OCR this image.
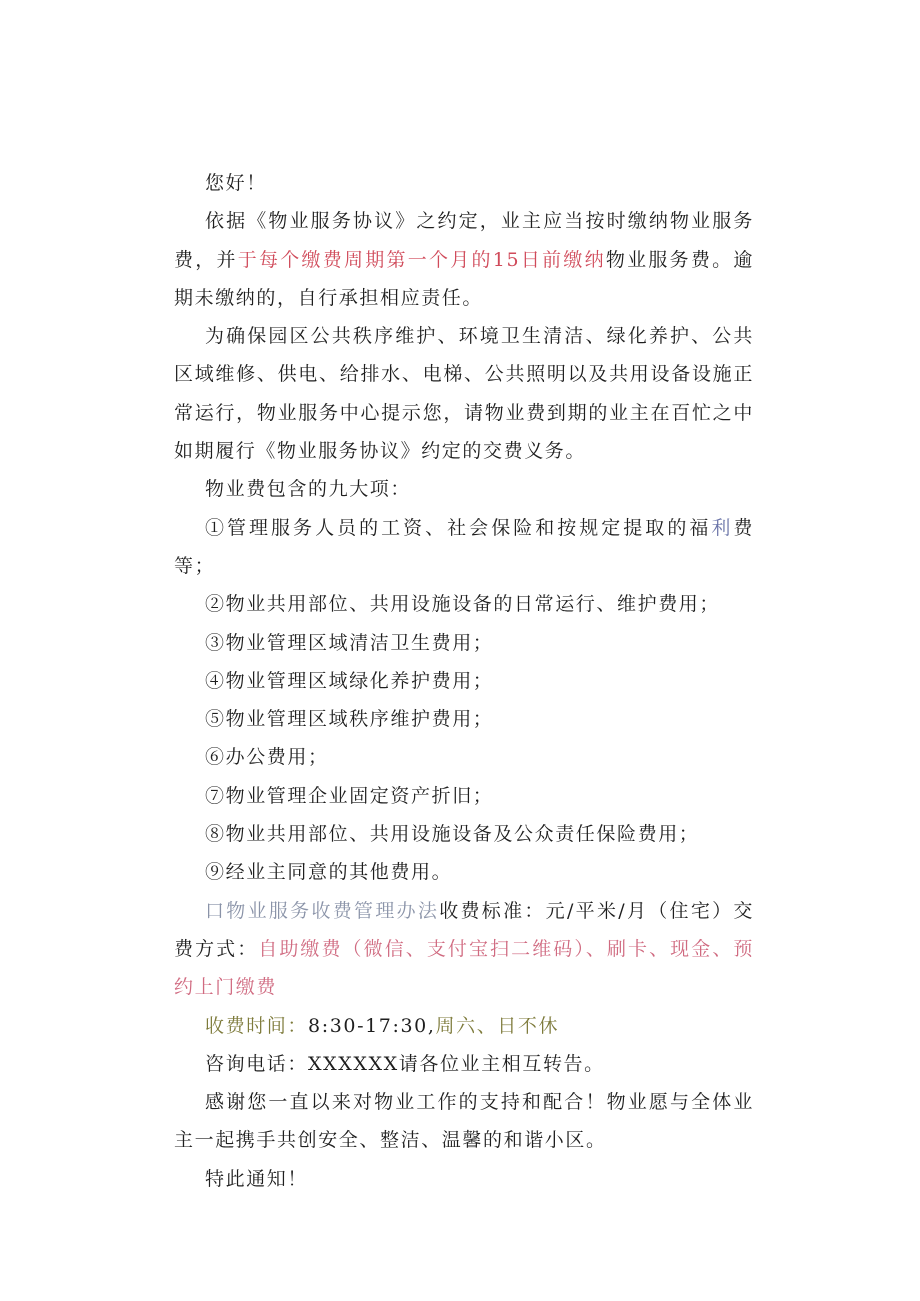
您好！

依据《物业服务协议》之约定，业主应当按时缴纳物业服务费，并于每个缴费周期第一个月的15日前缴纳物业服务费。逾期未缴纳的，自行承担相应责任。

为确保园区公共秩序维护、环境卫生清洁、绿化养护、公共区域维修、供电、给排水、电梯、公共照明以及共用设备设施正常运行，物业服务中心提示您，请物业费到期的业主在百忙之中如期履行《物业服务协议》约定的交费义务。

物业费包含的九大项：

①管理服务人员的工资、社会保险和按规定提取的福利费等；

②物业共用部位、共用设施设备的日常运行、维护费用；

③物业管理区域清洁卫生费用；

④物业管理区域绿化养护费用；

⑤物业管理区域秩序维护费用；

⑥办公费用；

⑦物业管理企业固定资产折旧；

⑧物业共用部位、共用设施设备及公众责任保险费用；

⑨经业主同意的其他费用。

口物业服务收费管理办法收费标准：元/平米/月（住宅）交费方式：自助缴费（微信、支付宝扫二维码）、刷卡、现金、预约上门缴费

收费时间：8:30-17:30,周六、日不休

咨询电话：XXXXXX请各位业主相互转告。

感谢您一直以来对物业工作的支持和配合！物业愿与全体业主一起携手共创安全、整洁、温馨的和谐小区。

特此通知！
